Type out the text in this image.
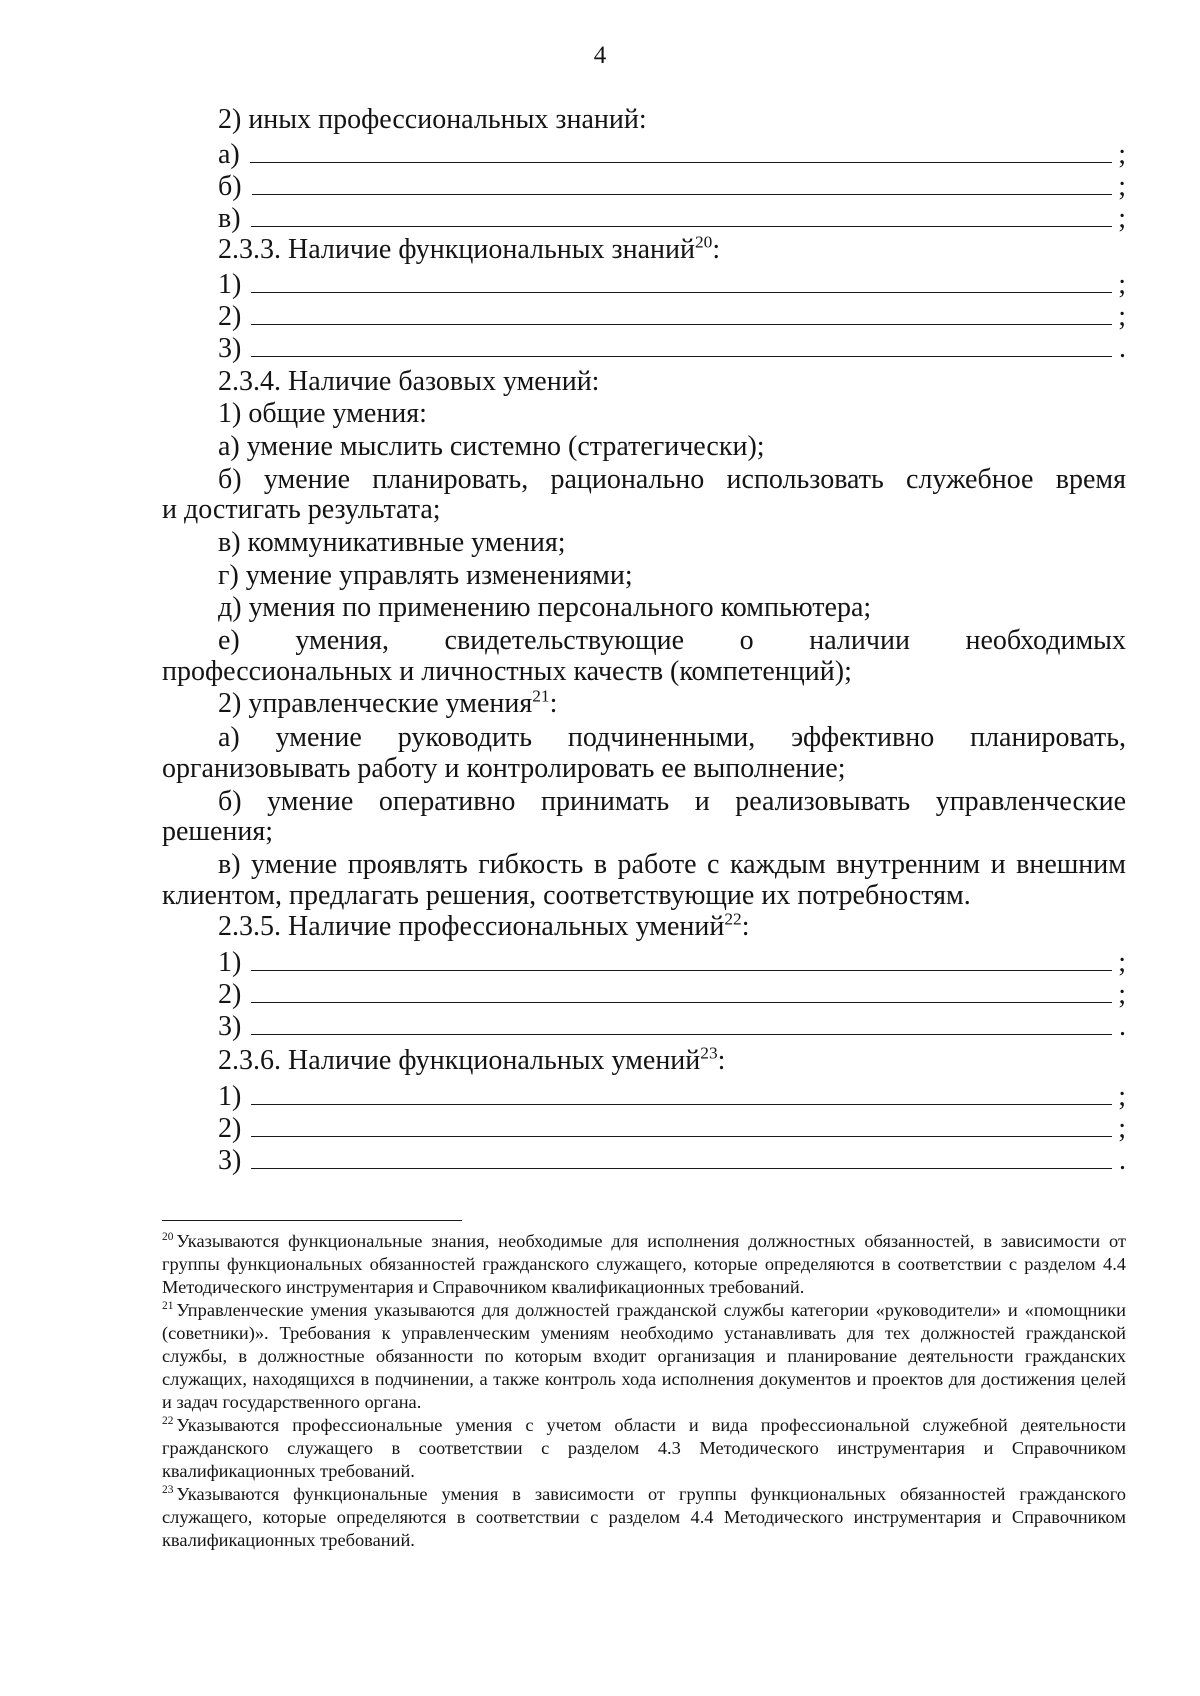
4
2) иных профессиональных знаний:
а)	;
б)	;
в)	;
2.3.3. Наличие функциональных знаний$^{20}$:
1)	;
2)	;
3)	.
2.3.4. Наличие базовых умений:
1) общие умения:
а) умение мыслить системно (стратегически);
б) умение планировать, рационально использовать служебное время
и достигать результата;
в) коммуникативные умения;
г) умение управлять изменениями;
д) умения по применению персонального компьютера;
е) умения, свидетельствующие о наличии необходимых
профессиональных и личностных качеств (компетенций);
2) управленческие умения$^{21}$:
а) умение руководить подчиненными, эффективно планировать,
организовывать работу и контролировать ее выполнение;
б) умение оперативно принимать и реализовывать управленческие
решения;
в) умение проявлять гибкость в работе с каждым внутренним и внешним
клиентом, предлагать решения, соответствующие их потребностям.
2.3.5. Наличие профессиональных умений$^{22}$:
1)	;
2)	;
3)	.
2.3.6. Наличие функциональных умений$^{23}$:
1)	;
2)	;
3)	.

$^{20}$ Указываются функциональные знания, необходимые для исполнения должностных обязанностей, в зависимости от группы функциональных обязанностей гражданского служащего, которые определяются в соответствии с разделом 4.4 Методического инструментария и Справочником квалификационных требований.

$^{21}$ Управленческие умения указываются для должностей гражданской службы категории «руководители» и «помощники (советники)». Требования к управленческим умениям необходимо устанавливать для тех должностей гражданской службы, в должностные обязанности по которым входит организация и планирование деятельности гражданских служащих, находящихся в подчинении, а также контроль хода исполнения документов и проектов для достижения целей и задач государственного органа.

$^{22}$ Указываются профессиональные умения с учетом области и вида профессиональной служебной деятельности гражданского служащего в соответствии с разделом 4.3 Методического инструментария и Справочником квалификационных требований.

$^{23}$ Указываются функциональные умения в зависимости от группы функциональных обязанностей гражданского служащего, которые определяются в соответствии с разделом 4.4 Методического инструментария и Справочником квалификационных требований.
